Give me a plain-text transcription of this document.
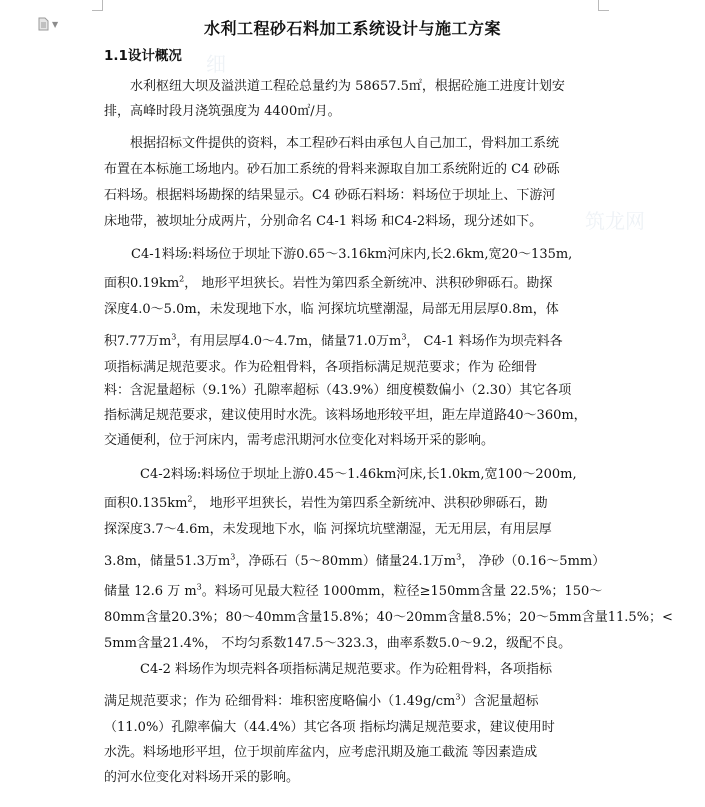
▼
细
筑龙网
水利工程砂石料加工系统设计与施工方案
1.1设计概况
水利枢纽大坝及溢洪道工程砼总量约为 58657.5㎡，根据砼施工进度计划安
排，高峰时段月浇筑强度为 4400㎡/月。
根据招标文件提供的资料，本工程砂石料由承包人自己加工，骨料加工系统
布置在本标施工场地内。砂石加工系统的骨料来源取自加工系统附近的 C4 砂砾
石料场。根据料场勘探的结果显示。C4 砂砾石料场：料场位于坝址上、下游河
床地带，被坝址分成两片，分别命名 C4-1 料场 和C4-2料场，现分述如下。
C4-1料场:料场位于坝址下游0.65～3.16km河床内,长2.6km,宽20～135m,
面积$0.19km^2$， 地形平坦狭长。岩性为第四系全新统冲、洪积砂卵砾石。勘探
深度4.0～5.0m，未发现地下水，临 河探坑坑壁潮湿，局部无用层厚0.8m，体
积7.77万$m^3$，有用层厚4.0～4.7m，储量71.0万$m^3$， C4-1 料场作为坝壳料各
项指标满足规范要求。作为砼粗骨料，各项指标满足规范要求；作为 砼细骨
料：含泥量超标（9.1%）孔隙率超标（43.9%）细度模数偏小（2.30）其它各项
指标满足规范要求，建议使用时水洗。该料场地形较平坦，距左岸道路40～360m，
交通便利，位于河床内，需考虑汛期河水位变化对料场开采的影响。
C4-2料场:料场位于坝址上游0.45～1.46km河床,长1.0km,宽100～200m,
面积$0.135km^2$， 地形平坦狭长，岩性为第四系全新统冲、洪积砂卵砾石，勘
探深度3.7～4.6m，未发现地下水，临 河探坑坑壁潮湿，无无用层，有用层厚
3.8m，储量51.3万$m^3$，净砾石（5～80mm）储量24.1万$m^3$， 净砂（0.16～5mm）
储量 12.6 万 $m^3$。料场可见最大粒径 1000mm，粒径≥150mm含量 22.5%；150～
80mm含量20.3%；80～40mm含量15.8%；40～20mm含量8.5%；20～5mm含量11.5%；<
5mm含量21.4%， 不均匀系数147.5～323.3，曲率系数5.0～9.2，级配不良。
C4-2 料场作为坝壳料各项指标满足规范要求。作为砼粗骨料，各项指标
满足规范要求；作为 砼细骨料：堆积密度略偏小$(1.49g/cm^3)$含泥量超标
（11.0%）孔隙率偏大（44.4%）其它各项 指标均满足规范要求，建议使用时
水洗。料场地形平坦，位于坝前库盆内，应考虑汛期及施工截流 等因素造成
的河水位变化对料场开采的影响。
